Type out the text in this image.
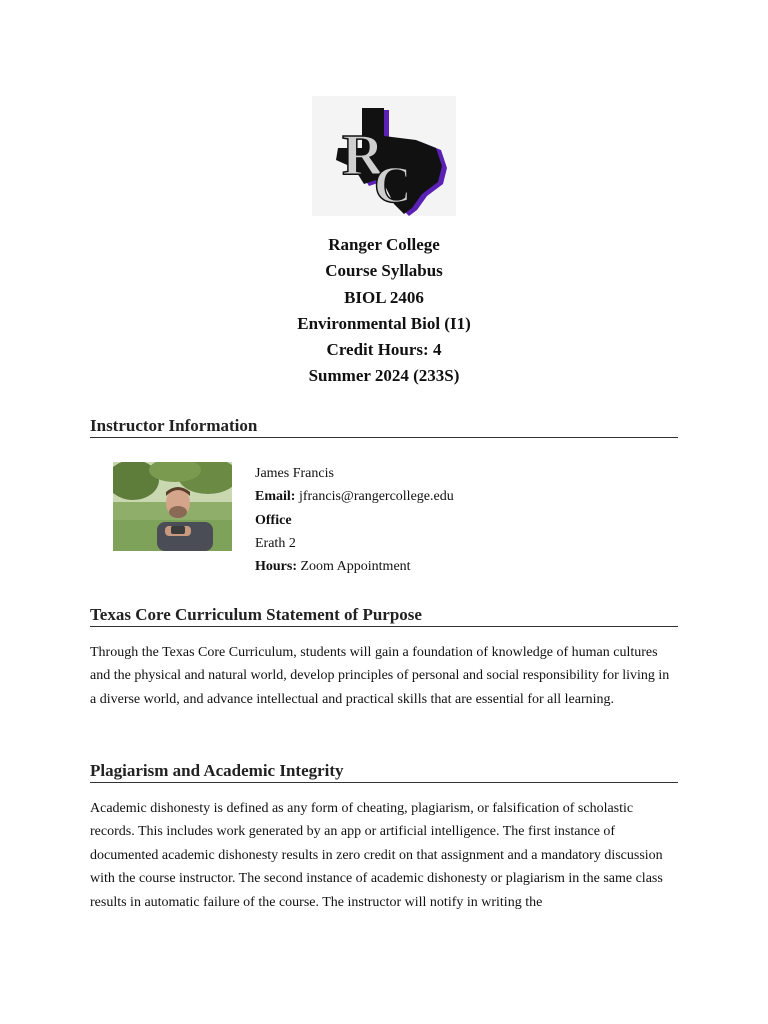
R
C
Ranger College
Course Syllabus
BIOL 2406
Environmental Biol (I1)
Credit Hours: 4
Summer 2024 (233S)
Instructor Information
James Francis
Email: jfrancis@rangercollege.edu
Office
Erath 2
Hours: Zoom Appointment
Texas Core Curriculum Statement of Purpose
Through the Texas Core Curriculum, students will gain a foundation of knowledge of human cultures and the physical and natural world, develop principles of personal and social responsibility for living in a diverse world, and advance intellectual and practical skills that are essential for all learning.
Plagiarism and Academic Integrity
Academic dishonesty is defined as any form of cheating, plagiarism, or falsification of scholastic records. This includes work generated by an app or artificial intelligence. The first instance of documented academic dishonesty results in zero credit on that assignment and a mandatory discussion with the course instructor. The second instance of academic dishonesty or plagiarism in the same class results in automatic failure of the course. The instructor will notify in writing the
